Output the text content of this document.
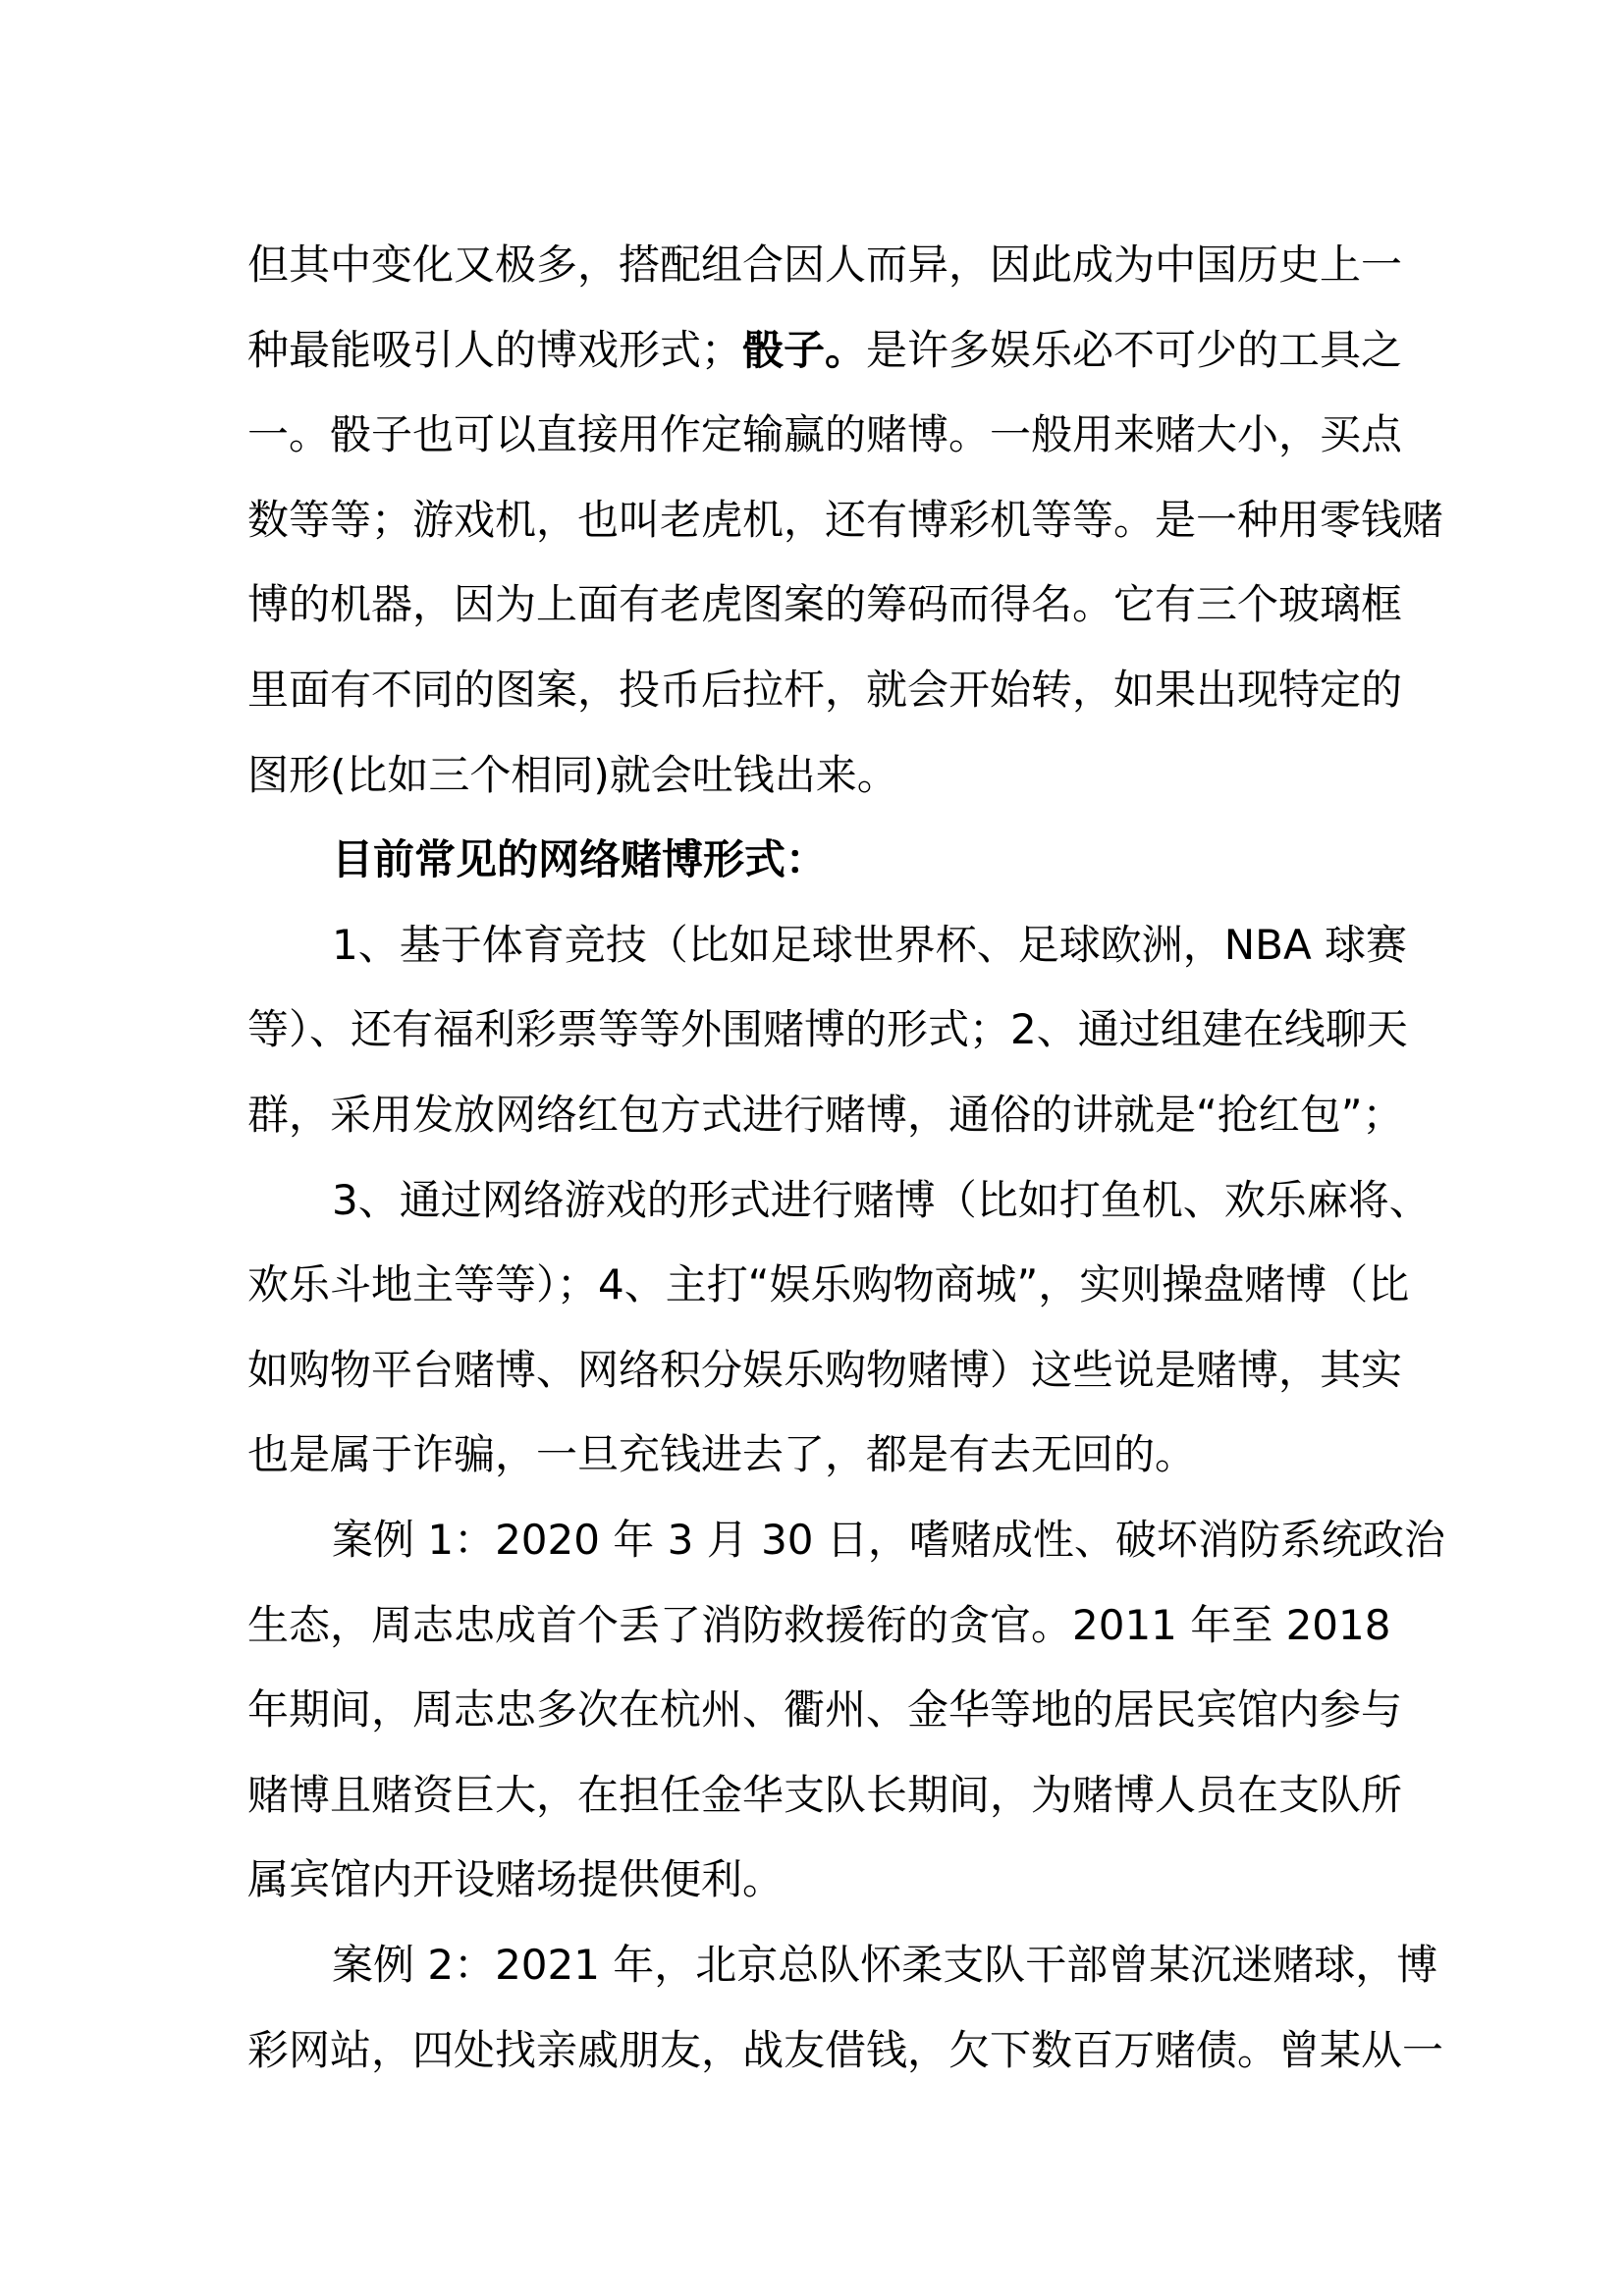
但其中变化又极多，搭配组合因人而异，因此成为中国历史上一
种最能吸引人的博戏形式；骰子。是许多娱乐必不可少的工具之
一。骰子也可以直接用作定输赢的赌博。一般用来赌大小，买点
数等等；游戏机，也叫老虎机，还有博彩机等等。是一种用零钱赌
博的机器，因为上面有老虎图案的筹码而得名。它有三个玻璃框
里面有不同的图案，投币后拉杆，就会开始转，如果出现特定的
图形(比如三个相同)就会吐钱出来。
目前常见的网络赌博形式：
1、基于体育竞技（比如足球世界杯、足球欧洲，NBA 球赛
等）、还有福利彩票等等外围赌博的形式；2、通过组建在线聊天
群，采用发放网络红包方式进行赌博，通俗的讲就是“抢红包”；
3、通过网络游戏的形式进行赌博（比如打鱼机、欢乐麻将、
欢乐斗地主等等）；4、主打“娱乐购物商城”，实则操盘赌博（比
如购物平台赌博、网络积分娱乐购物赌博）这些说是赌博，其实
也是属于诈骗，一旦充钱进去了，都是有去无回的。
案例 1：2020 年 3 月 30 日，嗜赌成性、破坏消防系统政治
生态，周志忠成首个丢了消防救援衔的贪官。2011 年至 2018
年期间，周志忠多次在杭州、衢州、金华等地的居民宾馆内参与
赌博且赌资巨大，在担任金华支队长期间，为赌博人员在支队所
属宾馆内开设赌场提供便利。
案例 2：2021 年，北京总队怀柔支队干部曾某沉迷赌球，博
彩网站，四处找亲戚朋友，战友借钱，欠下数百万赌债。曾某从一
